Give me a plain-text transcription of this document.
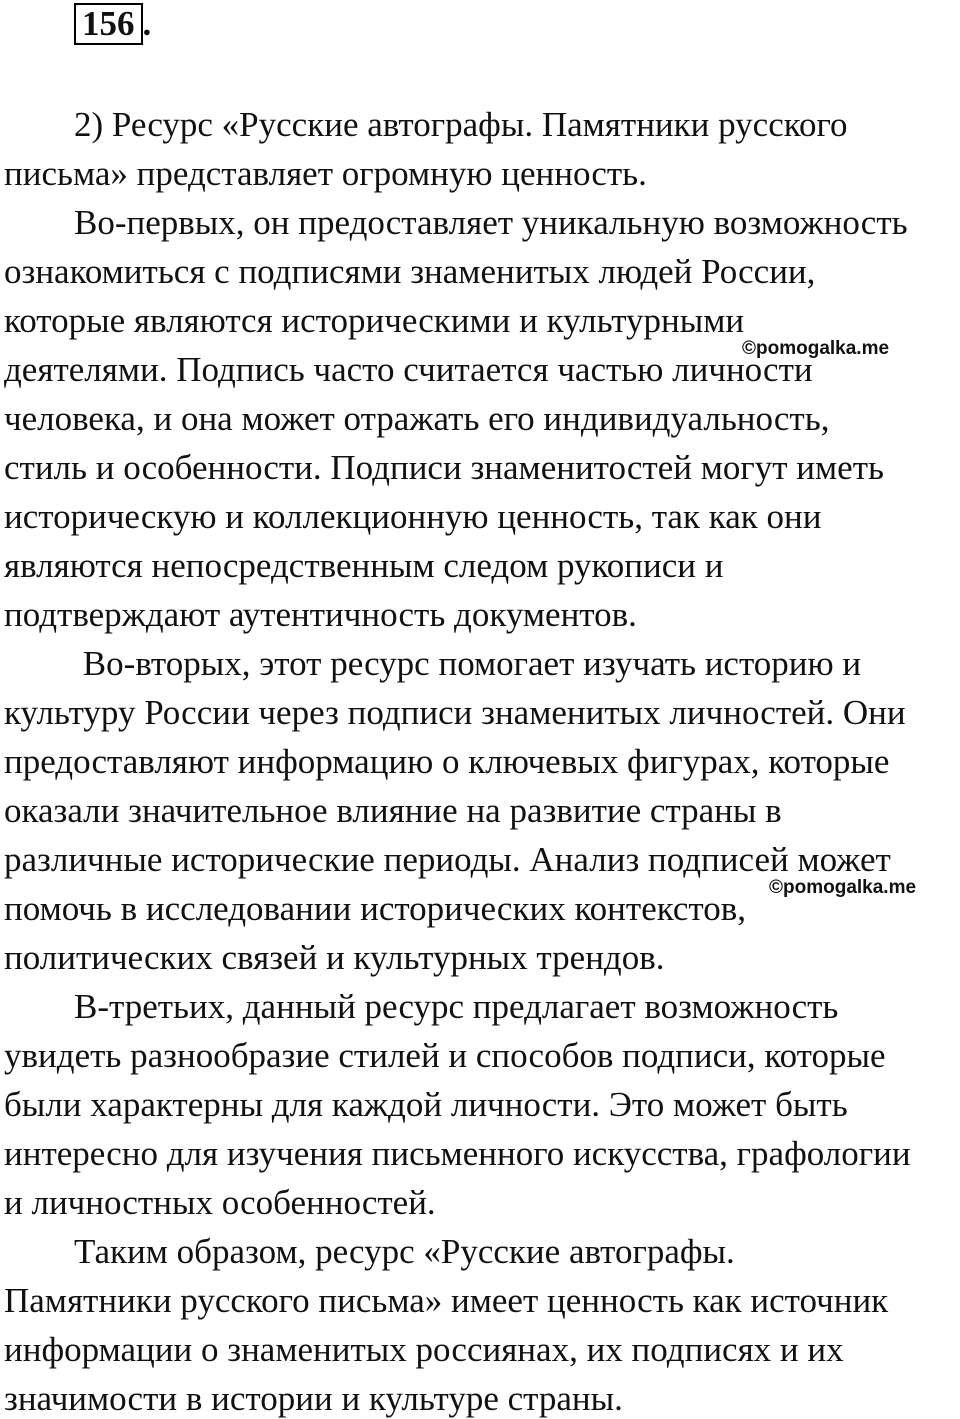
156 .
2) Ресурс «Русские автографы. Памятники русского
письма» представляет огромную ценность.
Во-первых, он предоставляет уникальную возможность
ознакомиться с подписями знаменитых людей России,
которые являются историческими и культурными
деятелями. Подпись часто считается частью личности
человека, и она может отражать его индивидуальность,
стиль и особенности. Подписи знаменитостей могут иметь
историческую и коллекционную ценность, так как они
являются непосредственным следом рукописи и
подтверждают аутентичность документов.
Во-вторых, этот ресурс помогает изучать историю и
культуру России через подписи знаменитых личностей. Они
предоставляют информацию о ключевых фигурах, которые
оказали значительное влияние на развитие страны в
различные исторические периоды. Анализ подписей может
помочь в исследовании исторических контекстов,
политических связей и культурных трендов.
В-третьих, данный ресурс предлагает возможность
увидеть разнообразие стилей и способов подписи, которые
были характерны для каждой личности. Это может быть
интересно для изучения письменного искусства, графологии
и личностных особенностей.
Таким образом, ресурс «Русские автографы.
Памятники русского письма» имеет ценность как источник
информации о знаменитых россиянах, их подписях и их
значимости в истории и культуре страны.
©pomogalka.me
©pomogalka.me
